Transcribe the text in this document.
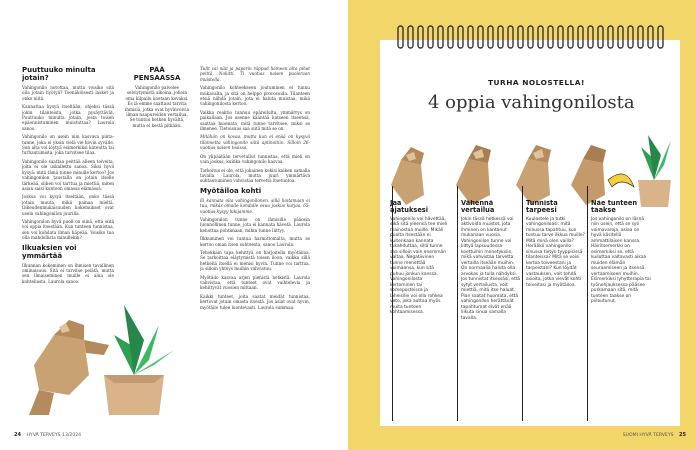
Puuttuuko minulta jotain?

Vahingonilo notottaa, mutta voisiko sitä olla jotain hyötyä? Toenäköisesti lasket ja onko niitä.

Kannattaa kysyä itseltään, ohjeksi tässä jokin tilanteista, jotka pysäyttävät. Puuttuuko minulta jotain, josta toisen epäonnistuminen muistuttaa? Laurola sanoo.

Vahingonilo on usein niin kasvava pinta-tunne, joka ei yksin vielä vie kovin syvälle. Sen alta voi löytyä esimerkiksi kateutta tai turhautumista, joka tarvitsee tilaa.

Vahingonilo saattaa peittää alleen toiveita, joita ei ole uskallettu sanoa. Siksi hyvä kysyä: mitä tämä tunne minulle kertoo? Jos vahingonilon taustalla on jotain itselle tärkeää, siihen voi tarttua ja miettiä, miten asian saisi kuntoon omassa elämässä.

Joskus voi kysyä itseltään, onko tässä jotain muuta, mikä painaa mieltä. Oikeudenmukaisuuden kokemukset ovat usein vahingonilon juurilla.

Vahingonilon hyvä puoli on siinä, että siitä voi oppia itsestään. Kun tunteen tunnistaa, sen voi kohdata ilman häpeää. Voisiko tuo olla mahdollista minullekin?

Ilkuaksien voi ymmärtää

Ilkunnan kokeminen on ihmisen tavallinen ominaisuus. Sitä ei tarvitse pelätä, mutta sen ilmaiseminen muille ei aina ole kohteliasta. Laurola sanoo.

PÄÄ
PENSAASSA

Vahingonilo palvelee selviytymistä aikoina, jolloin oma kilpailu koetaan kovaksi. Es iä emme saattaisi tarvita ihmisiä, jotka ovat hyvinvoivia ilman naapureiden vertailua. Se tuntuu hetken hyvältä, mutta ei kestä pitkään.

Tulit vai näit ja paperin räppud hameen alta pihat peittä. Nokitti. Ti vuotias naisen puoleraan muistella.

Vahingonilo kohteekseen joutuminen ei tunnu mukavalta, ja sitä on helppo provosoida. Tilanteen etsiä nähdä jotain, jota ei haluta muistaa, mikä vahingonilosta kertoo.

Vaikka reaktio tunnuu epäreilulta, ymmärrys on paikallaan. Jos asenne kääntää katseen itseensä, saattaa huomata, mitä tunne tarvitsee, miksi se ilmenee. Tietoisuus saa siitä mitä se on.

Mitähän on kovaa, mutta kun ei enää on kysyvä tilannetta vahingonilo siitä aptinoitiin. Silloin 26-vuotias naisen tosissa.

On ylipäätään tervetullut tunnistaa, että mieli on vain joskus, kuinka vahingonilo kasvaa.

Tarkoitus ei ole, että jokainen kokisi kaiken samalla tavalla. Laurola, mutta juuri ymmärtävä suhtautuminen vahvistaa tervettä itsetuntoa.

Myötäiloa kohti

El kannata olla vahingonilonen, sillä hoitamaan ei tuu, mikäs omalle kohdalle osuu joskus kurjaa, 65-vuotias kysyy lukijamme.

Vahingonilon tunne on ihmisille pääosin luonnollinen tunne, jota ei kannata hävetä. Laurola kehottaa pohtimaan, mihin tunne liittyy.

Ilkkuminen voi tuntua harmittomalta, mutta se kertoo oman itsen suhteesta, sanoo Laurola.

Tehokkain tapa kehittyä on harjoitella myötäiloa. Se tarkoittaa eläytymistä toisen iloon, vaikka sillä hetkellä itsellä ei menisi hyvin. Tunne voi tarttua, ja silloin yhteys muihin vahvistuu.

Myötäilo kasvaa arjen pienistä hetkistä. Laurola vahvistaa, että tunteet ovat vaihtelevia ja kehittyvät vuosien mittaan.

Kaikki tunteet, joita saatat meidät tunnistaa, kertovat jotain omasta itsestä. Jos asiat ovat hyvin, myötäilo tulee luontevasti. Laurola summaa.

24 HYVÄ TERVEYS 13/2024
TURHA NOLOSTELLA!
4 oppia vahingonilosta
Jaa
ajatuksesi

Vahingonilo voi hävettää, eikä sitä yleensä tee mieli mainostaa muille. Mikäli puolta itsestään ei kuitenkaan kannata tukahduttaa, sillä tunne saa silloin vain enemmän valtaa. Negatiivinen tunne menettää voimaansa, kun sitä puhuu jonkun kanssa. Vahingonilosta kertominen tai someposteissa ja läheisille voi olla rohkea veto, joka auttaa myös muita tunteen kohtaamisessa.

Vähennä
vertailua

Jokin tässä hetkessä voi aktivoida muistot, jota ihminen on kantanut mukanaan vuosia. Vahingonilon tunne voi liittyä lapsuudessa koettuihin menetyksiin, mikä vahvistaa tarvetta vertailla itseään muihin. On normaalia haluta olla arvokas ja tulla nähdyksi. Jos tunnistat itsessäsi, että sytyt vertailusta, voit miettiä, mitä itse haluat. Pian saatat huomata, että vahingonilon herättävät tapahtumat eivät enää liikuta sinua samalla tavalla.

Tunnista
tarpeesi

Kuulostele ja tutki vahingoniloasi: mitä minussa tapahtuu, kun tuntuu tarve ilkkua muille? Mitä minä olen vailla? Herääkö vahingonilo sinussa tietyn tyyppisissä tilanteissa? Mitä se voisi kertoa toiveestani ja tarpeistani? Kun löydät vastauksen, voit tehdä asioita, jotka vievät kohti toiveitasi ja myötäiloa.

Näe tunteen
taakse

Jos vahingonilo on läsnä niin usein, että se syö voimavaroja, asiaa on hyvä käsitellä ammattilaisen kanssa. Häiritsemerkki on esimerkiksi se, että kuiluttaa valtavasti aikaa muiden elämän seuraamiseen ja itsensä vertaamiseen muihin. Esimerkiksi lyhytterapia tai työnohjauksessa pääsee purkamaan sitä, mitä tunteen taakse on piiloutunut.

SUOMI HYVÄ TERVEYS 25
